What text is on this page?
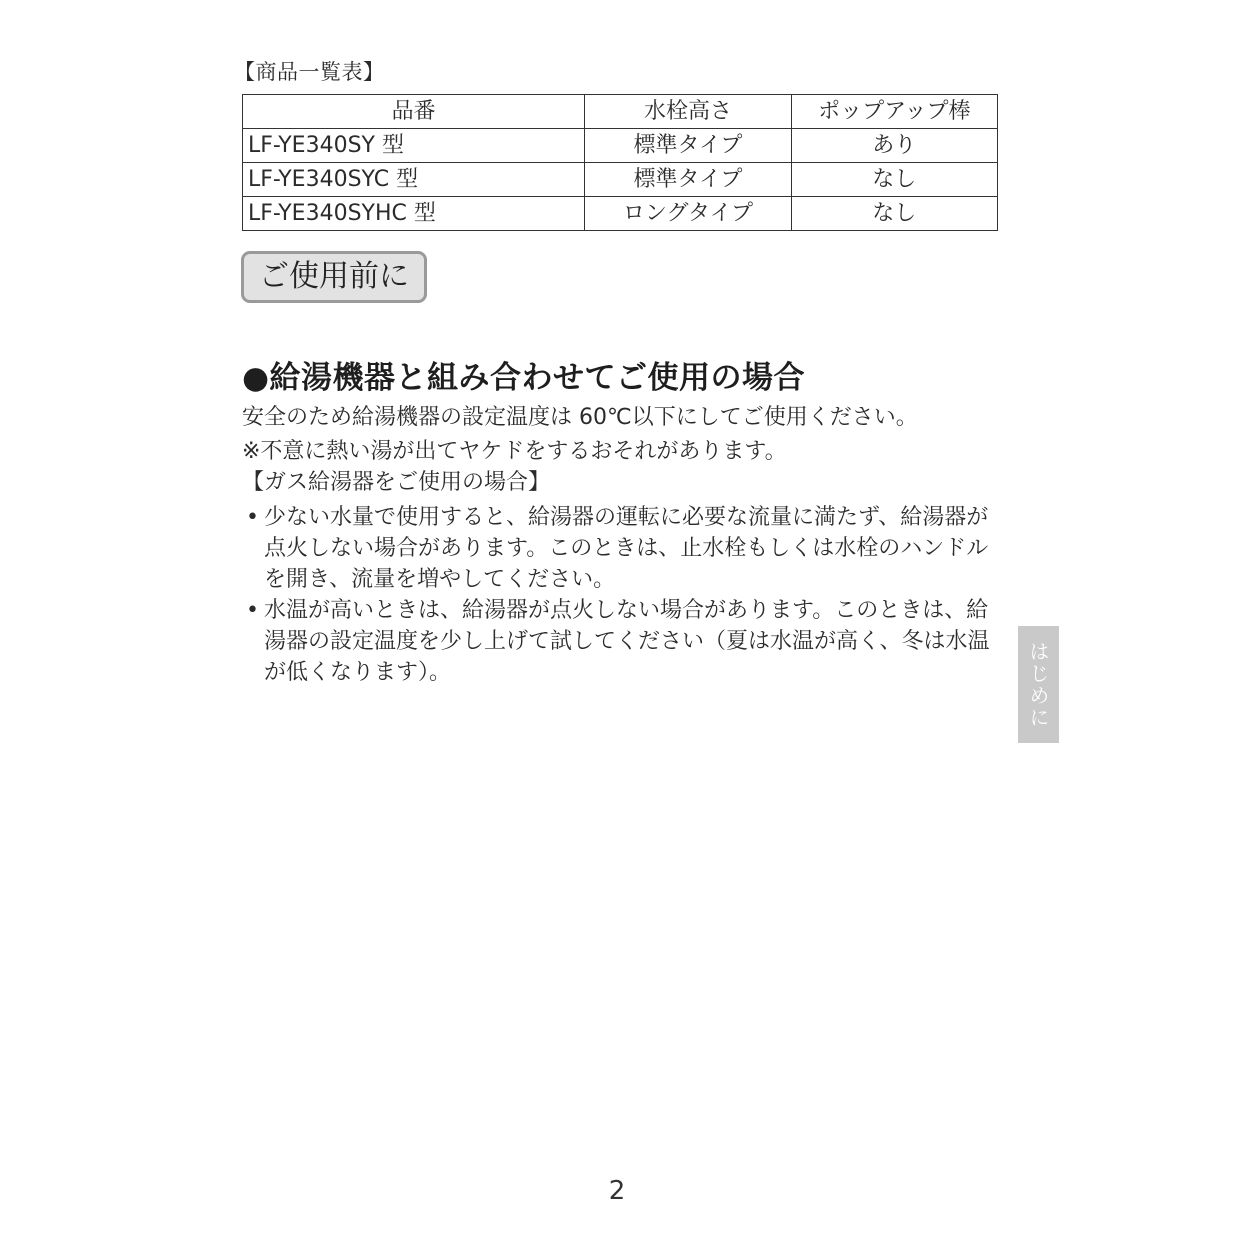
【商品一覧表】
品番	水栓高さ	ポップアップ棒
LF-YE340SY 型	標準タイプ	あり
LF-YE340SYC 型	標準タイプ	なし
LF-YE340SYHC 型	ロングタイプ	なし
ご使用前に
●給湯機器と組み合わせてご使用の場合
安全のため給湯機器の設定温度は 60℃以下にしてご使用ください。
※不意に熱い湯が出てヤケドをするおそれがあります。
【ガス給湯器をご使用の場合】
• 少ない水量で使用すると、給湯器の運転に必要な流量に満たず、給湯器が点火しない場合があります。このときは、止水栓もしくは水栓のハンドルを開き、流量を増やしてください。
• 水温が高いときは、給湯器が点火しない場合があります。このときは、給湯器の設定温度を少し上げて試してください（夏は水温が高く、冬は水温が低くなります）。	はじめに
2
